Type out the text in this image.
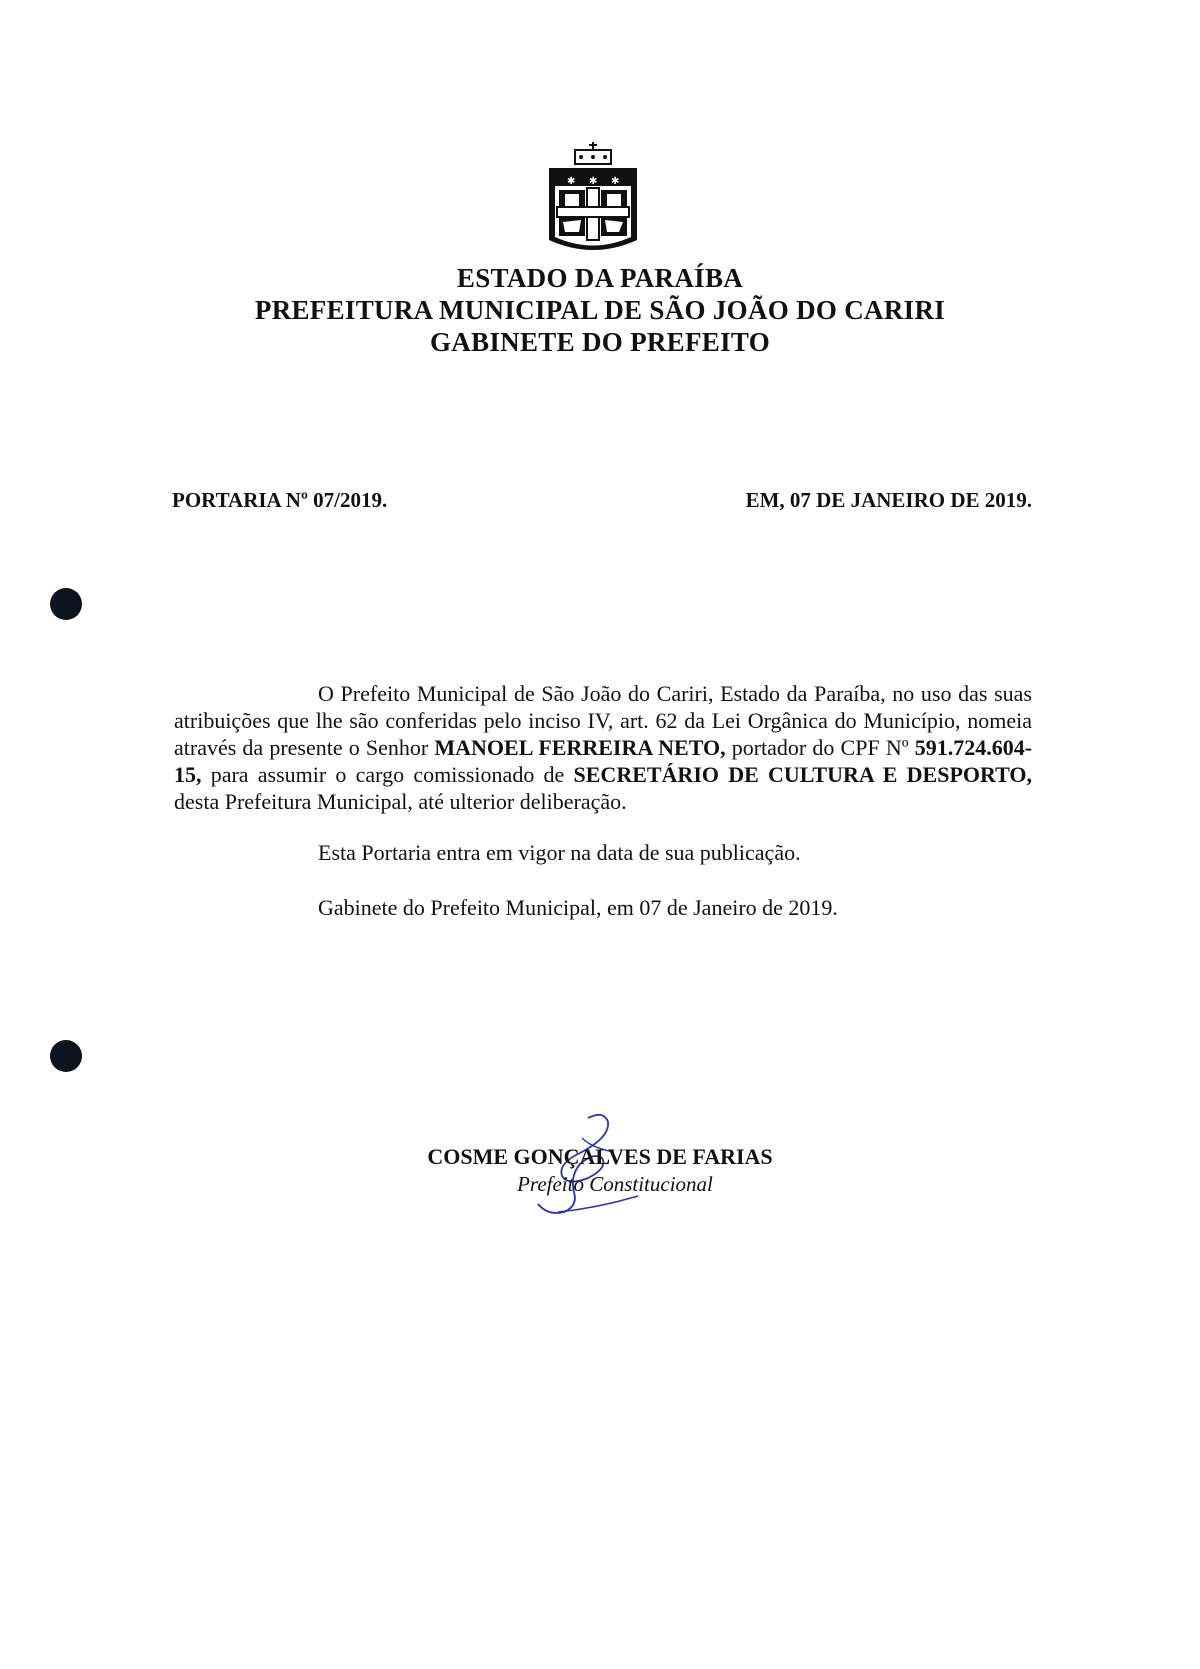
✱ ✱ ✱
ESTADO DA PARAÍBA
PREFEITURA MUNICIPAL DE SÃO JOÃO DO CARIRI
GABINETE DO PREFEITO
PORTARIA Nº 07/2019.	EM, 07 DE JANEIRO DE 2019.

O Prefeito Municipal de São João do Cariri, Estado da Paraíba, no uso das suas atribuições que lhe são conferidas pelo inciso IV, art. 62 da Lei Orgânica do Município, nomeia através da presente o Senhor MANOEL FERREIRA NETO, portador do CPF Nº 591.724.604-15, para assumir o cargo comissionado de SECRETÁRIO DE CULTURA E DESPORTO, desta Prefeitura Municipal, até ulterior deliberação.

Esta Portaria entra em vigor na data de sua publicação.

Gabinete do Prefeito Municipal, em 07 de Janeiro de 2019.

COSME GONÇALVES DE FARIAS
Prefeito Constitucional
